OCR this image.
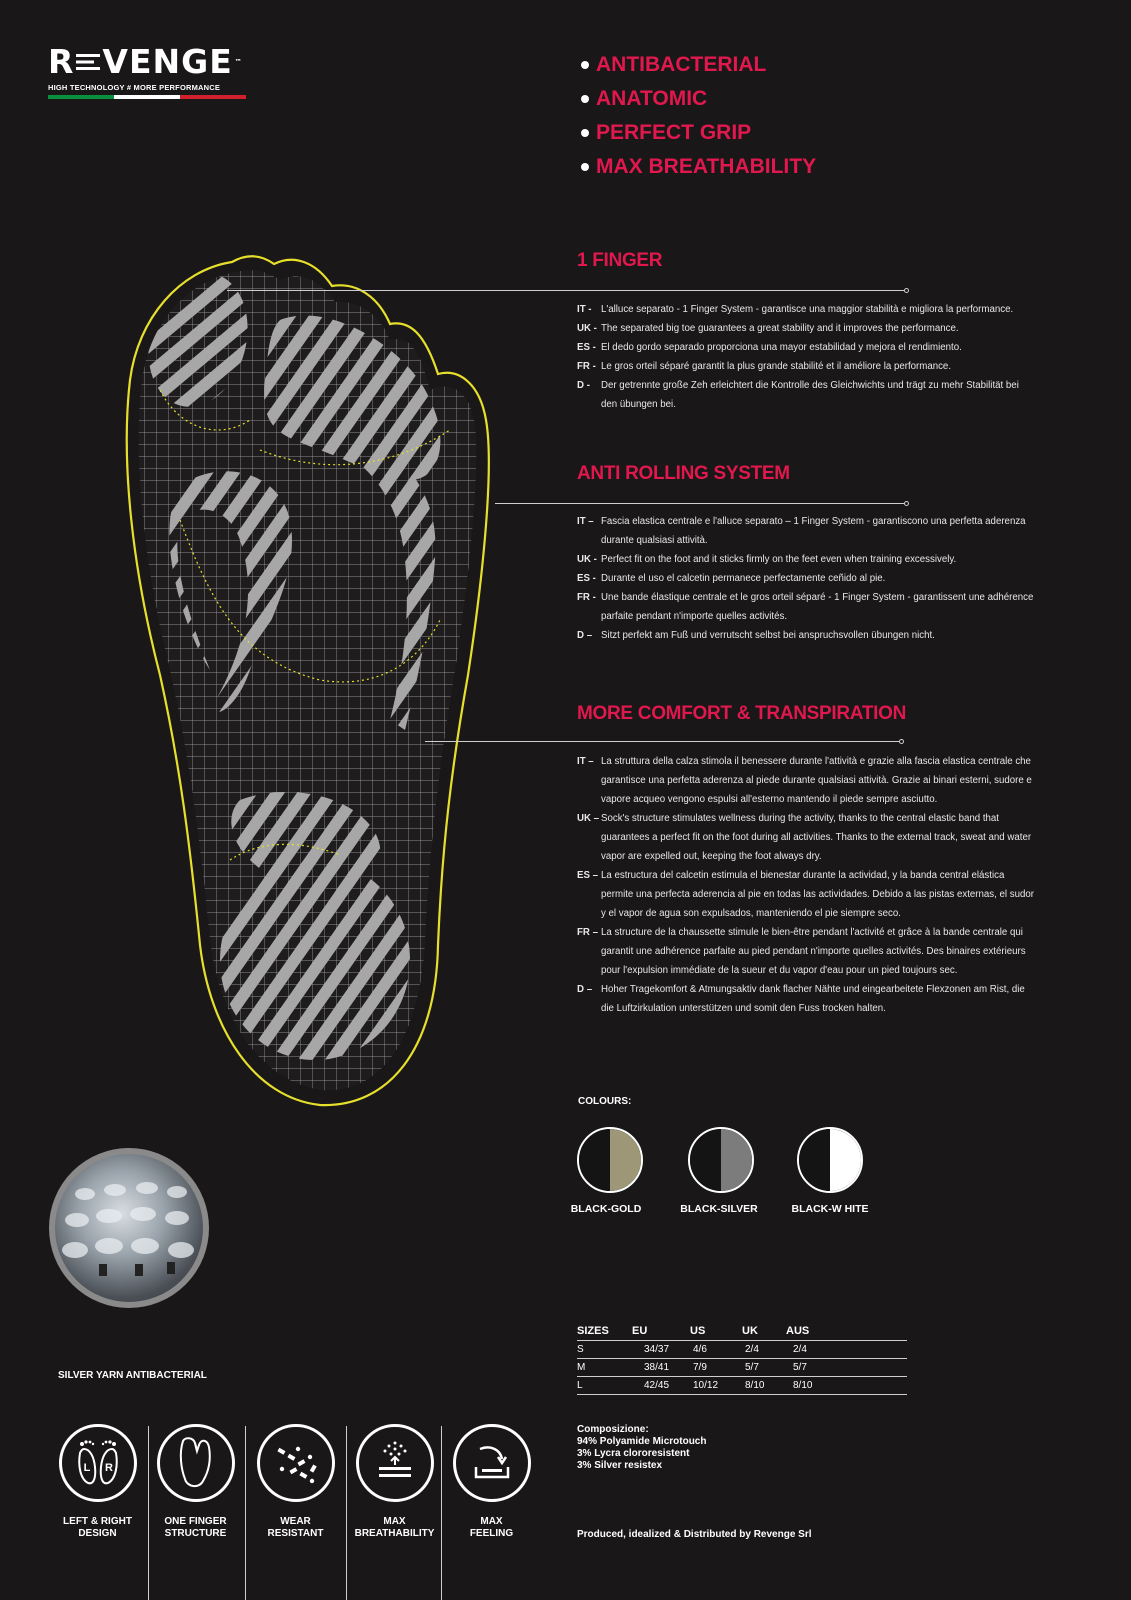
R VENGE ™
HIGH TECHNOLOGY # MORE PERFORMANCE
ANTIBACTERIAL
ANATOMIC
PERFECT GRIP
MAX BREATHABILITY
1 FINGER
IT - L'alluce separato - 1 Finger System - garantisce una maggior stabilità e migliora la performance.
UK - The separated big toe guarantees a great stability and it improves the performance.
ES - El dedo gordo separado proporciona una mayor estabilidad y mejora el rendimiento.
FR - Le gros orteil séparé garantit la plus grande stabilité et il améliore la performance.
D -	Der getrennte große Zeh erleichtert die Kontrolle des Gleichwichts und trägt zu mehr Stabilität bei den übungen bei.
ANTI ROLLING SYSTEM
IT – Fascia elastica centrale e l'alluce separato – 1 Finger System - garantiscono una perfetta aderenza durante qualsiasi attività.
UK - Perfect fit on the foot and it sticks firmly on the feet even when training excessively.
ES - Durante el uso el calcetin permanece perfectamente ceñido al pie.
FR - Une bande élastique centrale et le gros orteil séparé - 1 Finger System - garantissent une adhérence parfaite pendant n'importe quelles activités.
D – Sitzt perfekt am Fuß und verrutscht selbst bei anspruchsvollen übungen nicht.
MORE COMFORT & TRANSPIRATION
IT – La struttura della calza stimola il benessere durante l'attività e grazie alla fascia elastica centrale che garantisce una perfetta aderenza al piede durante qualsiasi attività. Grazie ai binari esterni, sudore e vapore acqueo vengono espulsi all'esterno mantendo il piede sempre asciutto.
UK – Sock's structure stimulates wellness during the activity, thanks to the central elastic band that guarantees a perfect fit on the foot during all activities. Thanks to the external track, sweat and water vapor are expelled out, keeping the foot always dry.
ES – La estructura del calcetin estimula el bienestar durante la actividad, y la banda central elástica permite una perfecta aderencia al pie en todas las actividades. Debido a las pistas externas, el sudor y el vapor de agua son expulsados, manteniendo el pie siempre seco.
FR – La structure de la chaussette stimule le bien-être pendant l'activité et grâce à la bande centrale qui garantit une adhérence parfaite au pied pendant n'importe quelles activités. Des binaires extérieurs pour l'expulsion immédiate de la sueur et du vapor d'eau pour un pied toujours sec.
D – Hoher Tragekomfort & Atmungsaktiv dank flacher Nähte und eingearbeitete Flexzonen am Rist, die die Luftzirkulation unterstützen und somit den Fuss trocken halten.
COLOURS:
BLACK-GOLD	BLACK-SILVER	BLACK-W HITE
SILVER YARN ANTIBACTERIAL
SIZES	EU	US	UK	AUS
S	34/37	4/6	2/4	2/4
M	38/41	7/9	5/7	5/7
L	42/45	10/12	8/10	8/10
Composizione:
94% Polyamide Microtouch
3% Lycra clororesistent
3% Silver resistex
L R
LEFT & RIGHT
DESIGN
ONE FINGER
STRUCTURE
WEAR
RESISTANT
MAX
BREATHABILITY
MAX
FEELING	Produced, idealized & Distributed by Revenge Srl
